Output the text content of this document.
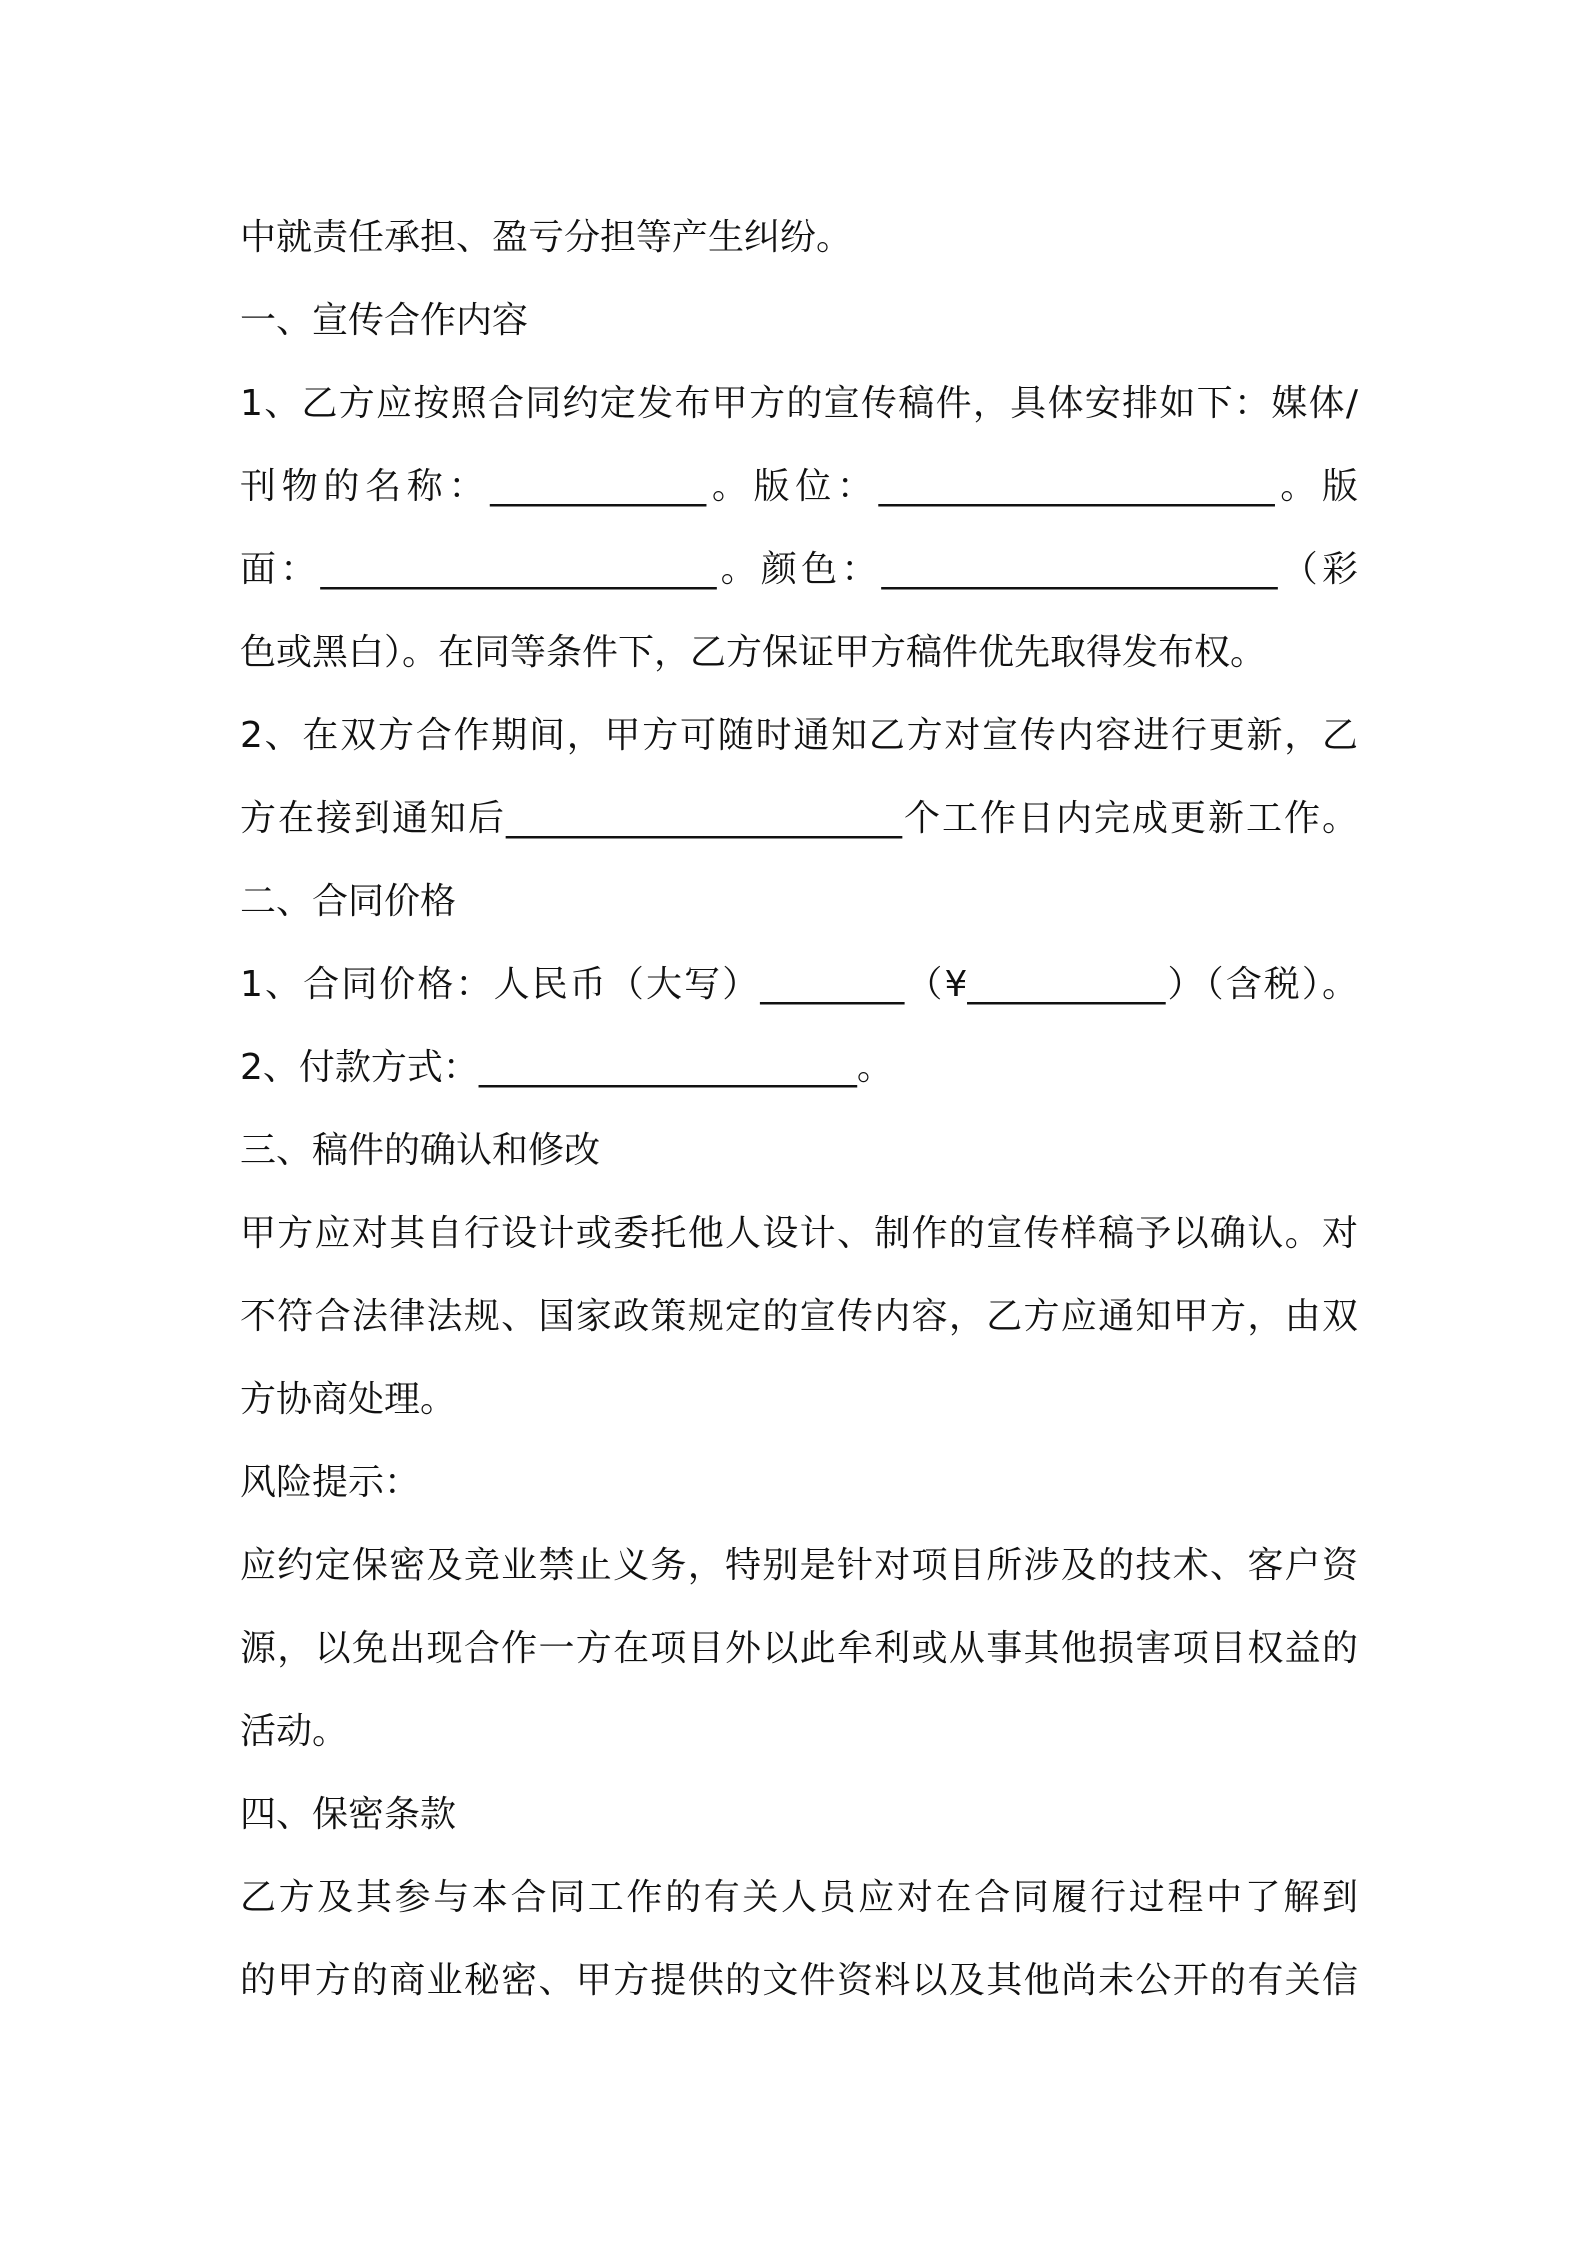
中就责任承担、盈亏分担等产生纠纷。
一、宣传合作内容
1、乙方应按照合同约定发布甲方的宣传稿件，具体安排如下：媒体/
刊物的名称：____________。版位：______________________。版
面：______________________。颜色：______________________（彩
色或黑白）。在同等条件下，乙方保证甲方稿件优先取得发布权。
2、在双方合作期间，甲方可随时通知乙方对宣传内容进行更新，乙
方在接到通知后______________________个工作日内完成更新工作。
二、合同价格
1、合同价格：人民币（大写）________（¥___________）（含税）。
2、付款方式：_____________________。
三、稿件的确认和修改
甲方应对其自行设计或委托他人设计、制作的宣传样稿予以确认。对
不符合法律法规、国家政策规定的宣传内容，乙方应通知甲方，由双
方协商处理。
风险提示：
应约定保密及竞业禁止义务，特别是针对项目所涉及的技术、客户资
源，以免出现合作一方在项目外以此牟利或从事其他损害项目权益的
活动。
四、保密条款
乙方及其参与本合同工作的有关人员应对在合同履行过程中了解到
的甲方的商业秘密、甲方提供的文件资料以及其他尚未公开的有关信
